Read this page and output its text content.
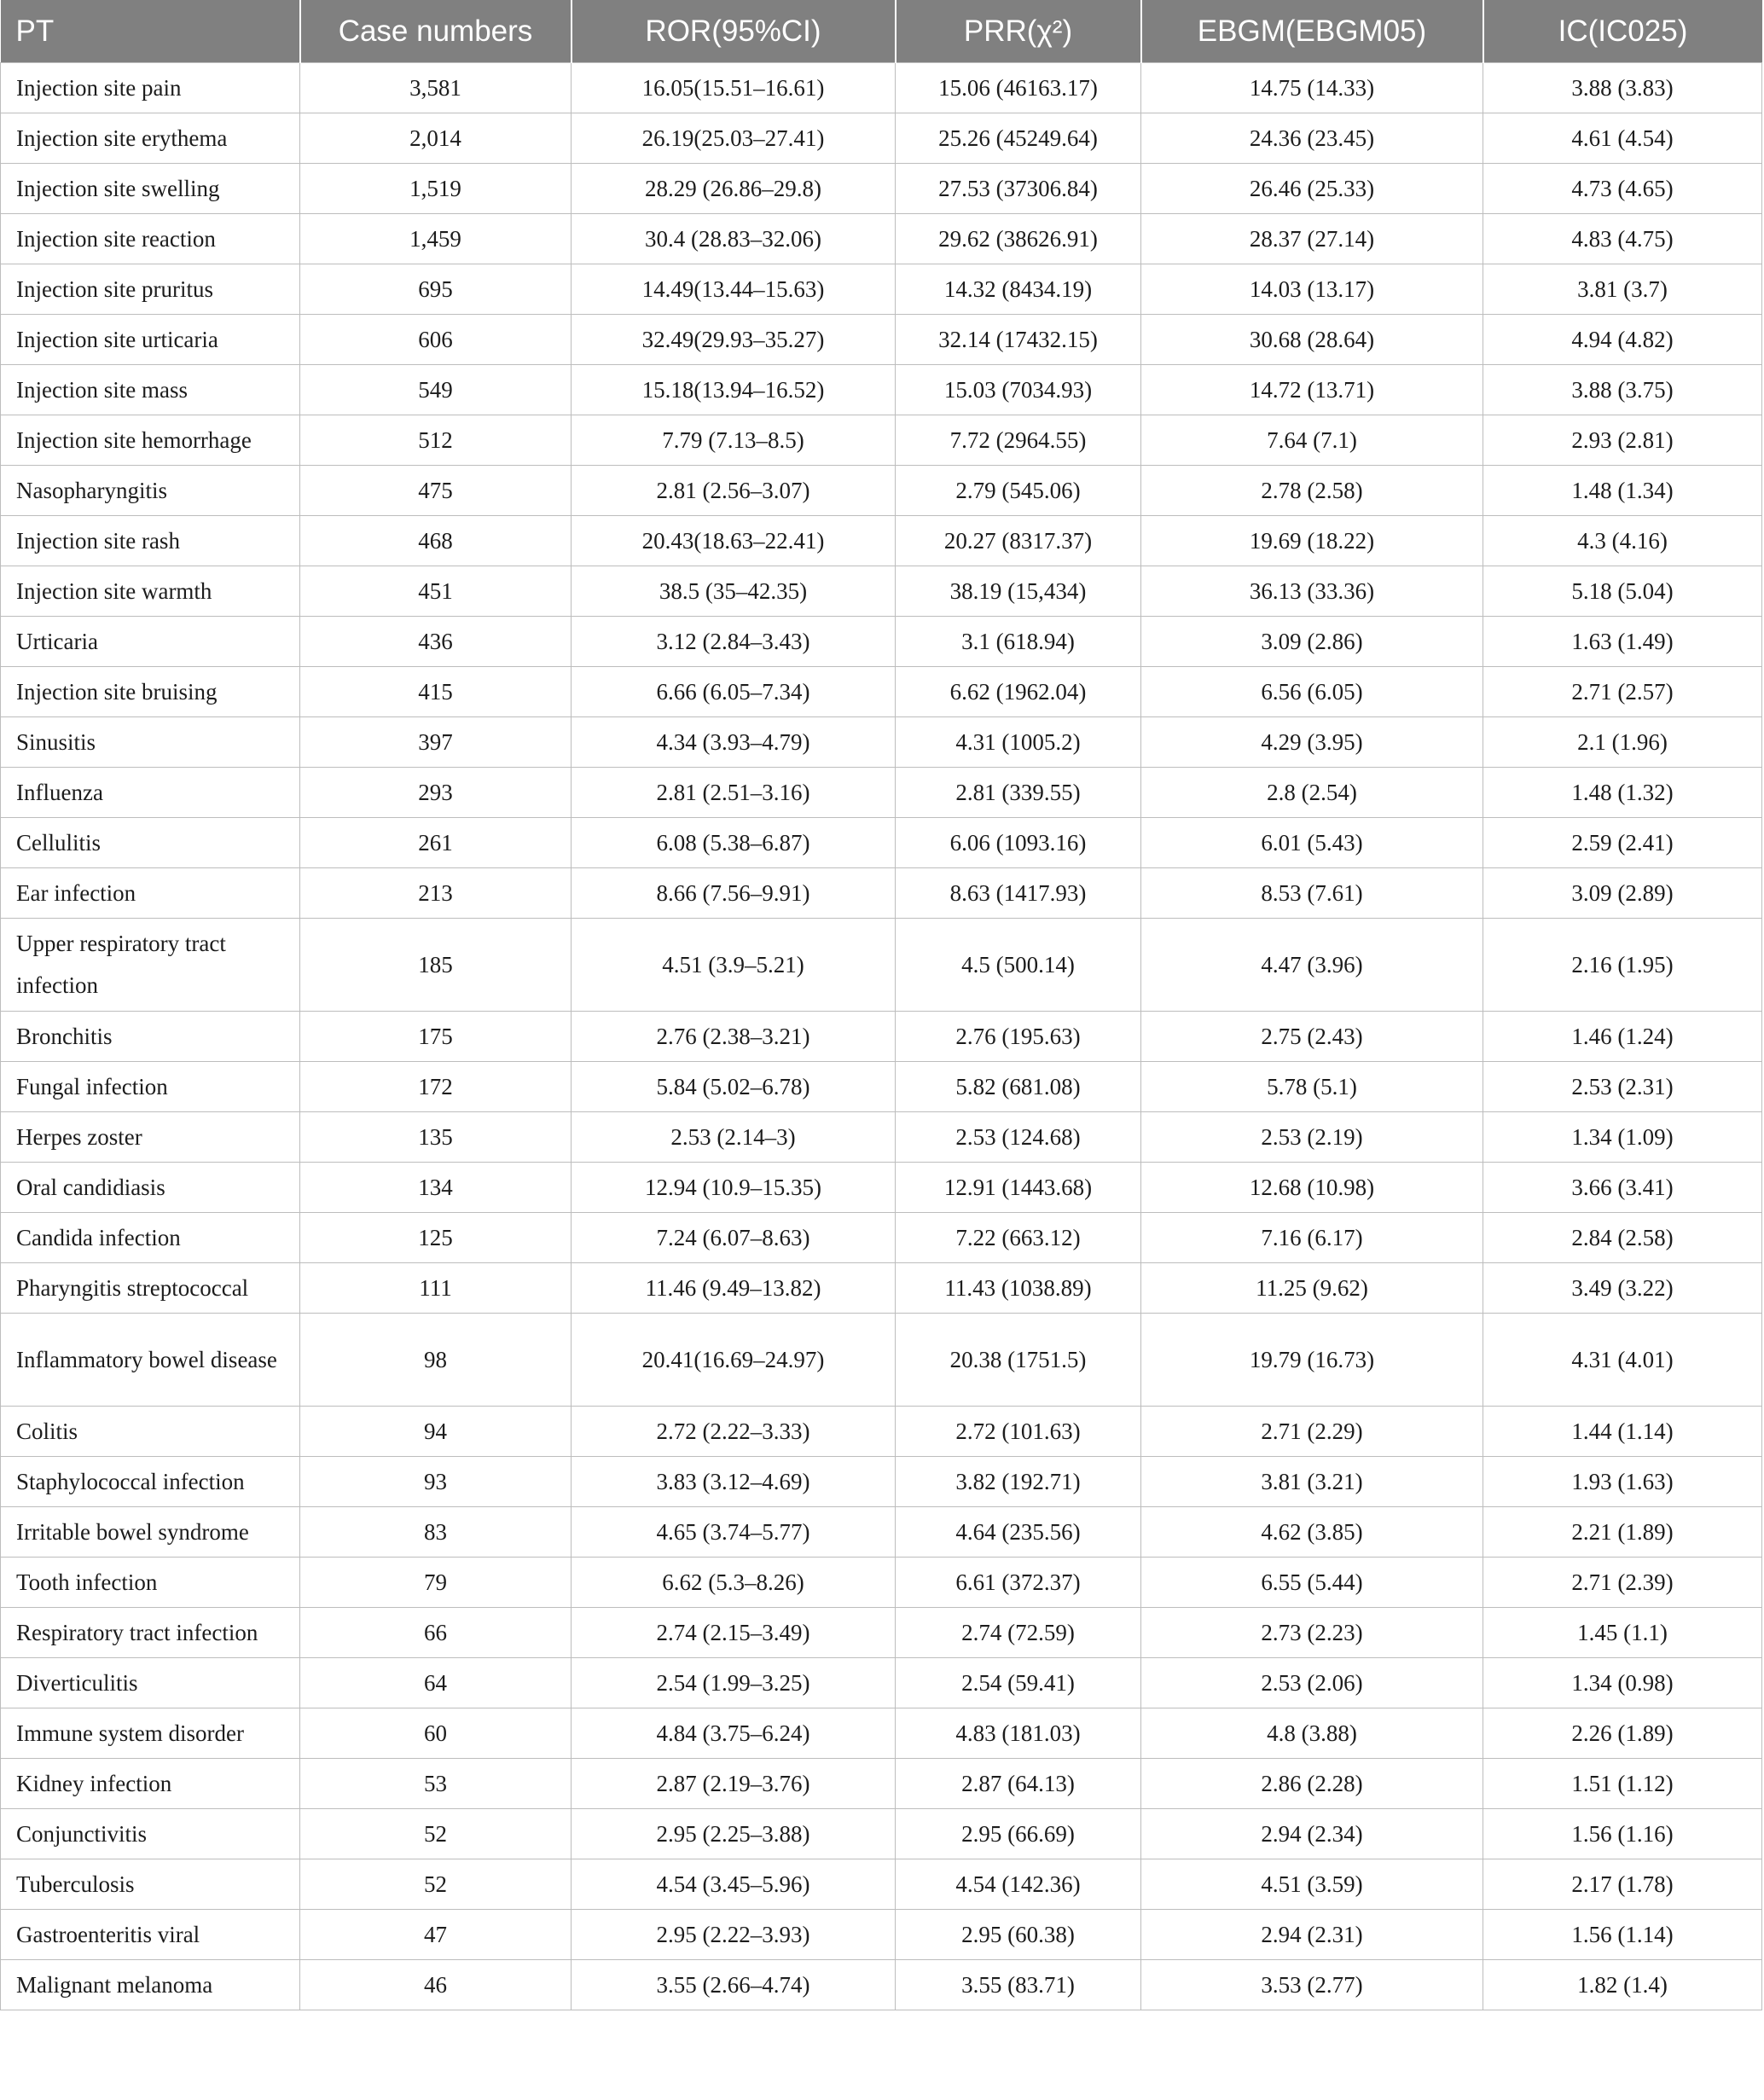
PT	Case numbers	ROR(95%CI)	PRR(χ²)	EBGM(EBGM05)	IC(IC025)
Injection site pain	3,581	16.05(15.51–16.61)	15.06 (46163.17)	14.75 (14.33)	3.88 (3.83)
Injection site erythema	2,014	26.19(25.03–27.41)	25.26 (45249.64)	24.36 (23.45)	4.61 (4.54)
Injection site swelling	1,519	28.29 (26.86–29.8)	27.53 (37306.84)	26.46 (25.33)	4.73 (4.65)
Injection site reaction	1,459	30.4 (28.83–32.06)	29.62 (38626.91)	28.37 (27.14)	4.83 (4.75)
Injection site pruritus	695	14.49(13.44–15.63)	14.32 (8434.19)	14.03 (13.17)	3.81 (3.7)
Injection site urticaria	606	32.49(29.93–35.27)	32.14 (17432.15)	30.68 (28.64)	4.94 (4.82)
Injection site mass	549	15.18(13.94–16.52)	15.03 (7034.93)	14.72 (13.71)	3.88 (3.75)
Injection site hemorrhage	512	7.79 (7.13–8.5)	7.72 (2964.55)	7.64 (7.1)	2.93 (2.81)
Nasopharyngitis	475	2.81 (2.56–3.07)	2.79 (545.06)	2.78 (2.58)	1.48 (1.34)
Injection site rash	468	20.43(18.63–22.41)	20.27 (8317.37)	19.69 (18.22)	4.3 (4.16)
Injection site warmth	451	38.5 (35–42.35)	38.19 (15,434)	36.13 (33.36)	5.18 (5.04)
Urticaria	436	3.12 (2.84–3.43)	3.1 (618.94)	3.09 (2.86)	1.63 (1.49)
Injection site bruising	415	6.66 (6.05–7.34)	6.62 (1962.04)	6.56 (6.05)	2.71 (2.57)
Sinusitis	397	4.34 (3.93–4.79)	4.31 (1005.2)	4.29 (3.95)	2.1 (1.96)
Influenza	293	2.81 (2.51–3.16)	2.81 (339.55)	2.8 (2.54)	1.48 (1.32)
Cellulitis	261	6.08 (5.38–6.87)	6.06 (1093.16)	6.01 (5.43)	2.59 (2.41)
Ear infection	213	8.66 (7.56–9.91)	8.63 (1417.93)	8.53 (7.61)	3.09 (2.89)
Upper respiratory tract infection	185	4.51 (3.9–5.21)	4.5 (500.14)	4.47 (3.96)	2.16 (1.95)
Bronchitis	175	2.76 (2.38–3.21)	2.76 (195.63)	2.75 (2.43)	1.46 (1.24)
Fungal infection	172	5.84 (5.02–6.78)	5.82 (681.08)	5.78 (5.1)	2.53 (2.31)
Herpes zoster	135	2.53 (2.14–3)	2.53 (124.68)	2.53 (2.19)	1.34 (1.09)
Oral candidiasis	134	12.94 (10.9–15.35)	12.91 (1443.68)	12.68 (10.98)	3.66 (3.41)
Candida infection	125	7.24 (6.07–8.63)	7.22 (663.12)	7.16 (6.17)	2.84 (2.58)
Pharyngitis streptococcal	111	11.46 (9.49–13.82)	11.43 (1038.89)	11.25 (9.62)	3.49 (3.22)
Inflammatory bowel disease	98	20.41(16.69–24.97)	20.38 (1751.5)	19.79 (16.73)	4.31 (4.01)
Colitis	94	2.72 (2.22–3.33)	2.72 (101.63)	2.71 (2.29)	1.44 (1.14)
Staphylococcal infection	93	3.83 (3.12–4.69)	3.82 (192.71)	3.81 (3.21)	1.93 (1.63)
Irritable bowel syndrome	83	4.65 (3.74–5.77)	4.64 (235.56)	4.62 (3.85)	2.21 (1.89)
Tooth infection	79	6.62 (5.3–8.26)	6.61 (372.37)	6.55 (5.44)	2.71 (2.39)
Respiratory tract infection	66	2.74 (2.15–3.49)	2.74 (72.59)	2.73 (2.23)	1.45 (1.1)
Diverticulitis	64	2.54 (1.99–3.25)	2.54 (59.41)	2.53 (2.06)	1.34 (0.98)
Immune system disorder	60	4.84 (3.75–6.24)	4.83 (181.03)	4.8 (3.88)	2.26 (1.89)
Kidney infection	53	2.87 (2.19–3.76)	2.87 (64.13)	2.86 (2.28)	1.51 (1.12)
Conjunctivitis	52	2.95 (2.25–3.88)	2.95 (66.69)	2.94 (2.34)	1.56 (1.16)
Tuberculosis	52	4.54 (3.45–5.96)	4.54 (142.36)	4.51 (3.59)	2.17 (1.78)
Gastroenteritis viral	47	2.95 (2.22–3.93)	2.95 (60.38)	2.94 (2.31)	1.56 (1.14)
Malignant melanoma	46	3.55 (2.66–4.74)	3.55 (83.71)	3.53 (2.77)	1.82 (1.4)
